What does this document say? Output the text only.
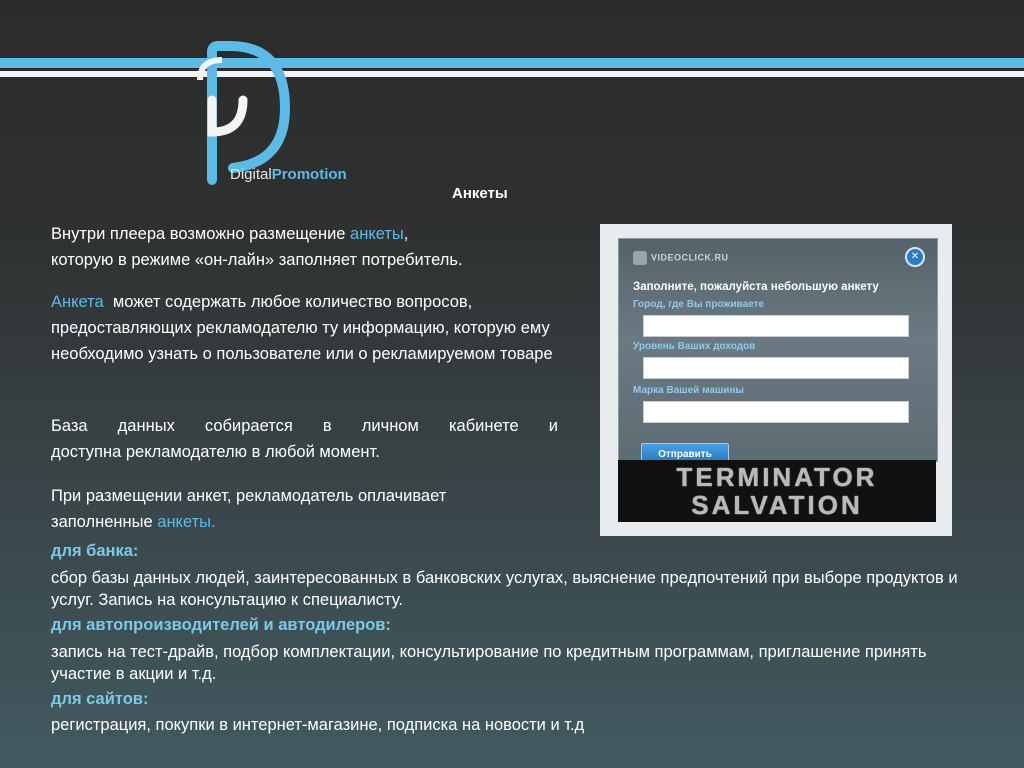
DigitalPromotion
Анкеты
Внутри плеера возможно размещение анкеты,
которую в режиме «он-лайн» заполняет потребитель.
Анкета  может содержать любое количество вопросов, предоставляющих рекламодателю ту информацию, которую ему необходимо узнать о пользователе или о рекламируемом товаре
База данных собирается в личном кабинете и
доступна рекламодателю в любой момент.
При размещении анкет, рекламодатель оплачивает
заполненные анкеты.
для банка:
сбор базы данных людей, заинтересованных в банковских услугах, выяснение предпочтений при выборе продуктов и услуг. Запись на консультацию к специалисту.
для автопроизводителей и автодилеров:
запись на тест-драйв, подбор комплектации, консультирование по кредитным программам, приглашение принять участие в акции и т.д.
для сайтов:
регистрация, покупки в интернет-магазине, подписка на новости и т.д
VIDEOCLICK.RU	✕
Заполните, пожалуйста небольшую анкету
Город, где Вы проживаете
Уровень Ваших доходов
Марка Вашей машины
Отправить
TERMINATOR
SALVATION
